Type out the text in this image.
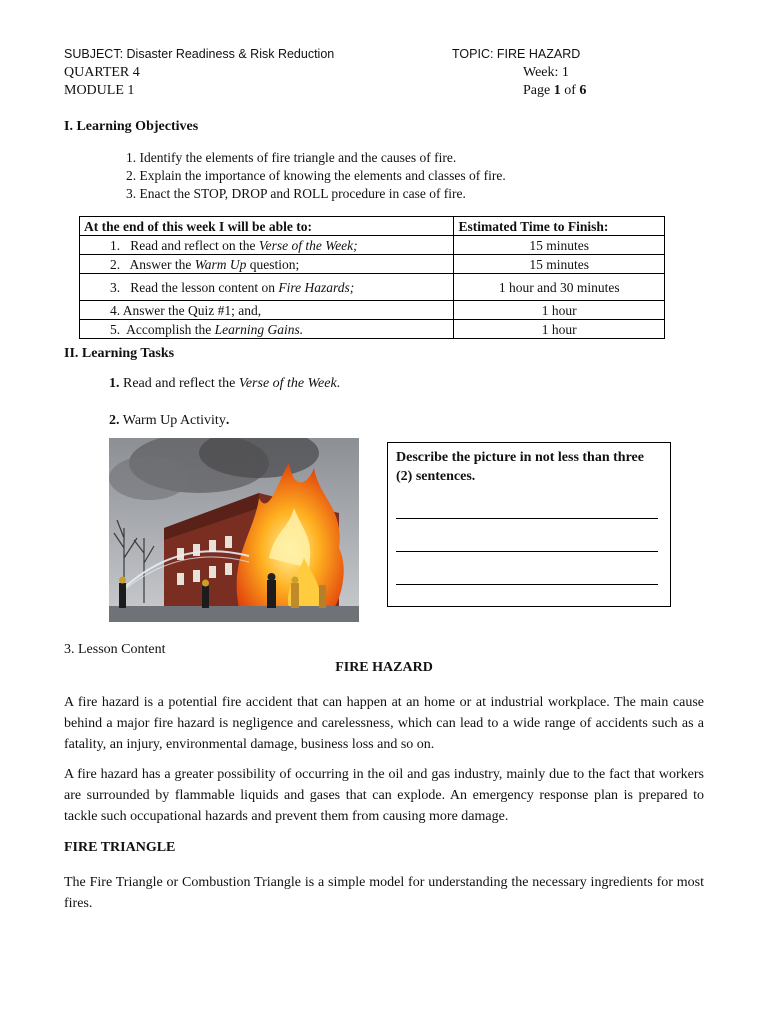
SUBJECT: Disaster Readiness & Risk Reduction	TOPIC: FIRE HAZARD
QUARTER 4	Week: 1
MODULE 1	Page 1 of 6
I. Learning Objectives
1. Identify the elements of fire triangle and the causes of fire.
2. Explain the importance of knowing the elements and classes of fire.
3. Enact the STOP, DROP and ROLL procedure in case of fire.
At the end of this week I will be able to:	Estimated Time to Finish:
1. Read and reflect on the Verse of the Week;	15 minutes
2. Answer the Warm Up question;	15 minutes
3. Read the lesson content on Fire Hazards;	1 hour and 30 minutes
4. Answer the Quiz #1; and,	1 hour
5. Accomplish the Learning Gains.	1 hour
II. Learning Tasks
1. Read and reflect the Verse of the Week.
2. Warm Up Activity.
Describe the picture in not less than three (2) sentences.
3. Lesson Content
FIRE HAZARD

A fire hazard is a potential fire accident that can happen at an home or at industrial workplace. The main cause behind a major fire hazard is negligence and carelessness, which can lead to a wide range of accidents such as a fatality, an injury, environmental damage, business loss and so on.

A fire hazard has a greater possibility of occurring in the oil and gas industry, mainly due to the fact that workers are surrounded by flammable liquids and gases that can explode. An emergency response plan is prepared to tackle such occupational hazards and prevent them from causing more damage.

FIRE TRIANGLE

The Fire Triangle or Combustion Triangle is a simple model for understanding the necessary ingredients for most fires.
